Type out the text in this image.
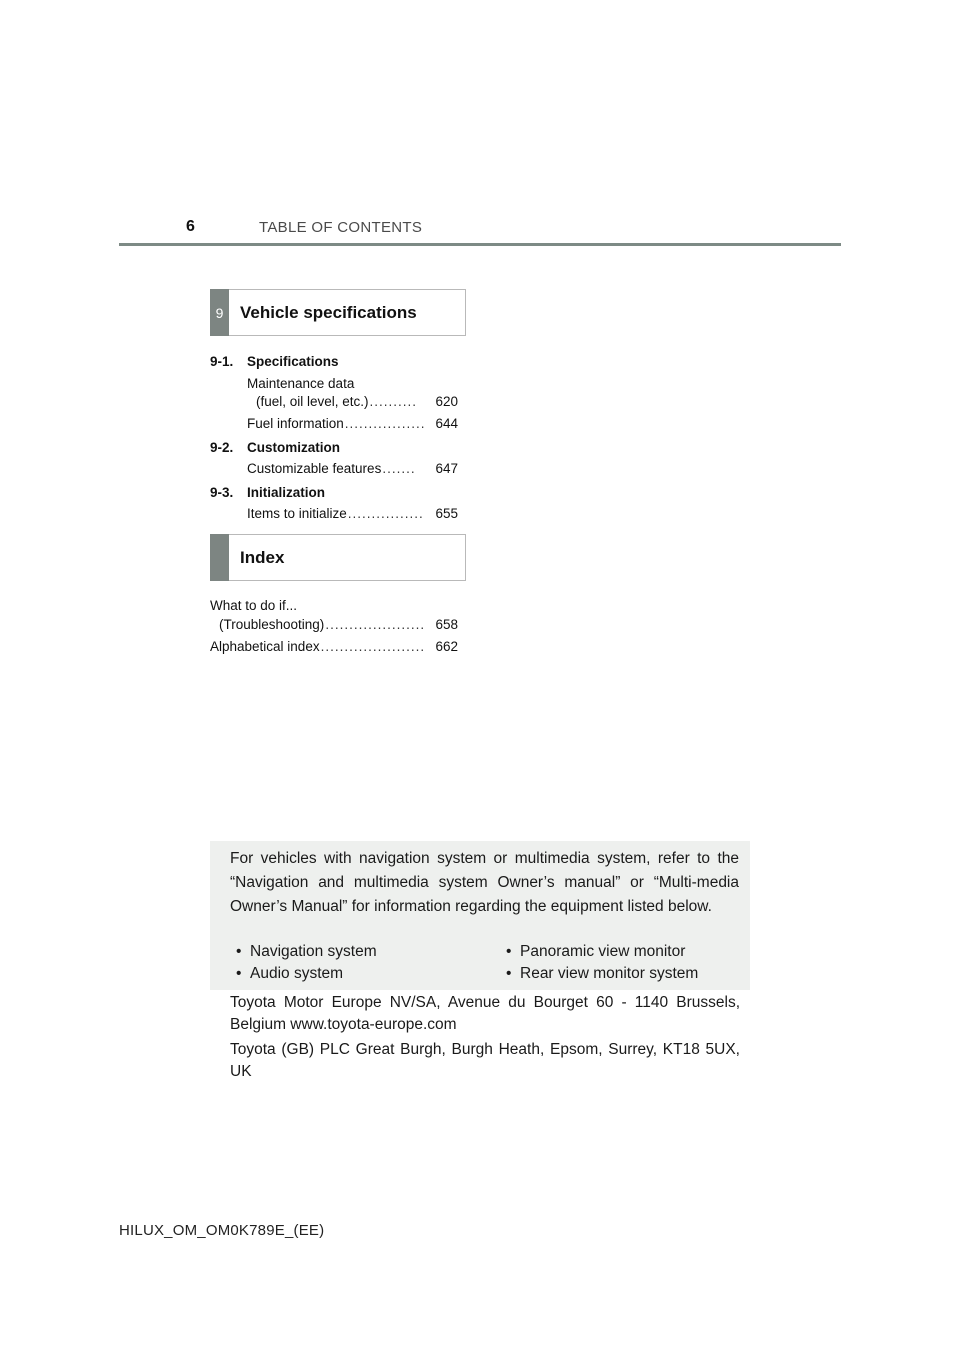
6	TABLE OF CONTENTS
9 Vehicle specifications
9-1. Specifications
Maintenance data
(fuel, oil level, etc.) ..........	620
Fuel information ................. 644
9-2. Customization
Customizable features .......	647
9-3. Initialization
Items to initialize ................ 655
Index
What to do if...
(Troubleshooting) ..................... 658
Alphabetical index ...................... 662
For vehicles with navigation system or multimedia system, refer to the “Navigation and multimedia system Owner’s manual” or “Multi-media Owner’s Manual” for information regarding the equipment listed below.
• Navigation system
• Audio system
• Panoramic view monitor
• Rear view monitor system
Toyota Motor Europe NV/SA, Avenue du Bourget 60 - 1140 Brussels, Belgium www.toyota-europe.com
Toyota (GB) PLC Great Burgh, Burgh Heath, Epsom, Surrey, KT18 5UX, UK
HILUX_OM_OM0K789E_(EE)
